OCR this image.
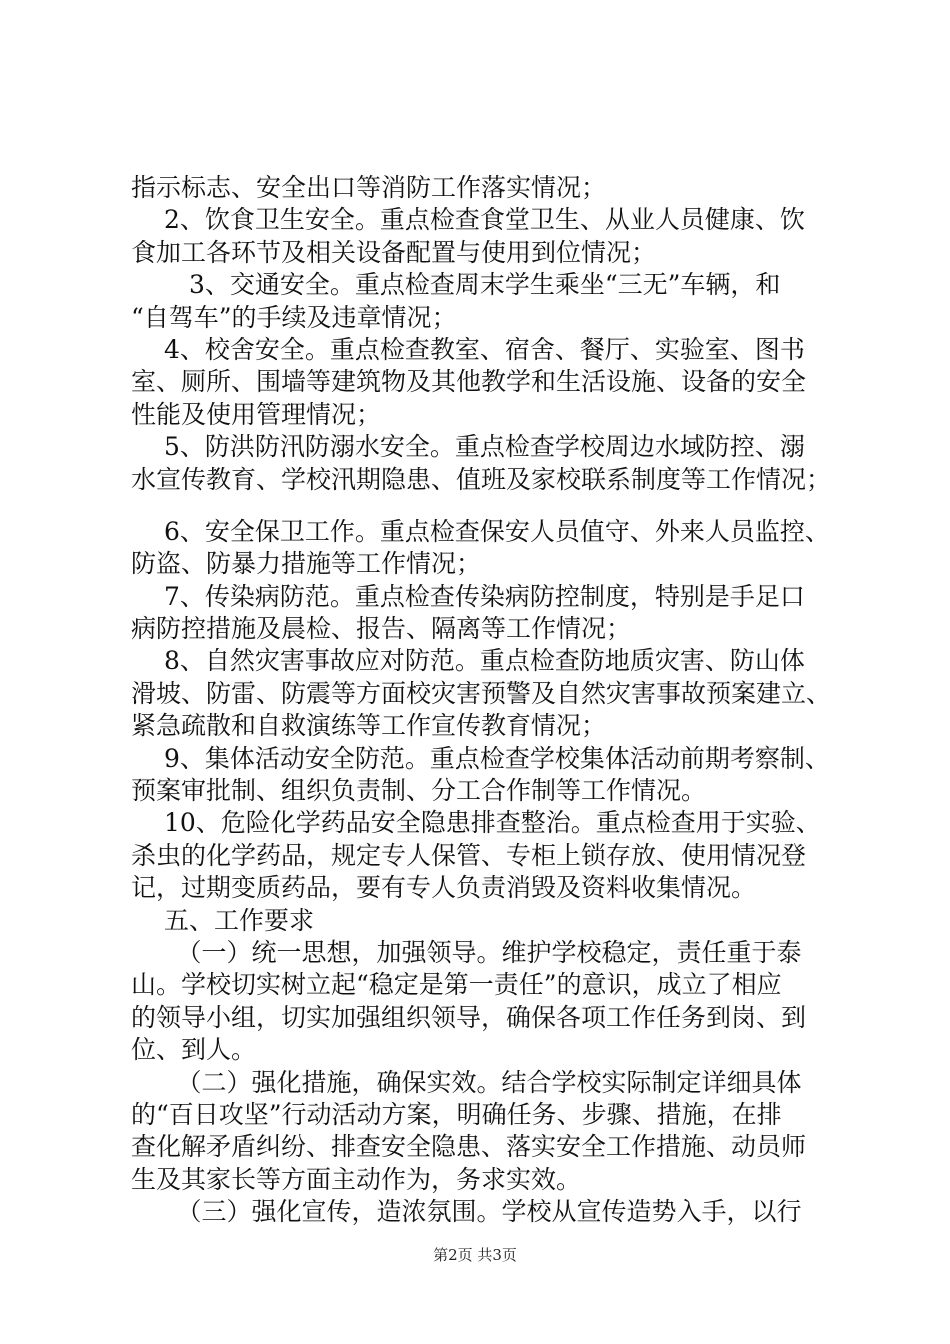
指示标志、安全出口等消防工作落实情况；
　 2、饮食卫生安全。重点检查食堂卫生、从业人员健康、饮
食加工各环节及相关设备配置与使用到位情况；
　 　3、交通安全。重点检查周末学生乘坐“三无”车辆，和
“自驾车”的手续及违章情况；
　 4、校舍安全。重点检查教室、宿舍、餐厅、实验室、图书
室、厕所、围墙等建筑物及其他教学和生活设施、设备的安全
性能及使用管理情况；
　 5、防洪防汛防溺水安全。重点检查学校周边水域防控、溺
水宣传教育、学校汛期隐患、值班及家校联系制度等工作情况；
　 6、安全保卫工作。重点检查保安人员值守、外来人员监控、
防盗、防暴力措施等工作情况；
　 7、传染病防范。重点检查传染病防控制度，特别是手足口
病防控措施及晨检、报告、隔离等工作情况；
　 8、自然灾害事故应对防范。重点检查防地质灾害、防山体
滑坡、防雷、防震等方面校灾害预警及自然灾害事故预案建立、
紧急疏散和自救演练等工作宣传教育情况；
　 9、集体活动安全防范。重点检查学校集体活动前期考察制、
预案审批制、组织负责制、分工合作制等工作情况。
　 10、危险化学药品安全隐患排查整治。重点检查用于实验、
杀虫的化学药品，规定专人保管、专柜上锁存放、使用情况登
记，过期变质药品，要有专人负责消毁及资料收集情况。
　 五、工作要求
　 　（一）统一思想，加强领导。维护学校稳定，责任重于泰
山。学校切实树立起“稳定是第一责任”的意识，成立了相应
的领导小组，切实加强组织领导，确保各项工作任务到岗、到
位、到人。
　 　（二）强化措施，确保实效。结合学校实际制定详细具体
的“百日攻坚”行动活动方案，明确任务、步骤、措施，在排
查化解矛盾纠纷、排查安全隐患、落实安全工作措施、动员师
生及其家长等方面主动作为，务求实效。
　 　（三）强化宣传，造浓氛围。学校从宣传造势入手，以行
第2页 共3页
